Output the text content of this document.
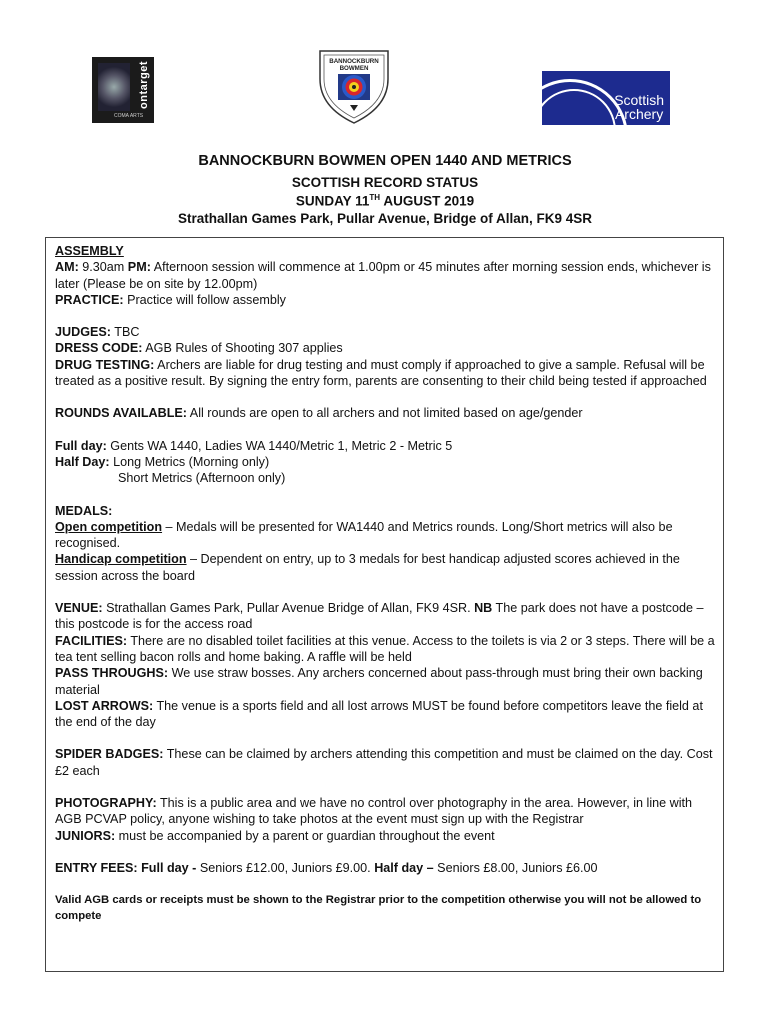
ontarget
COMA ARTS
BANNOCKBURN
BOWMEN
Scottish
Archery
BANNOCKBURN BOWMEN OPEN 1440 AND METRICS
SCOTTISH RECORD STATUS
SUNDAY 11TH AUGUST 2019
Strathallan Games Park, Pullar Avenue, Bridge of Allan, FK9 4SR

ASSEMBLY
AM: 9.30am PM: Afternoon session will commence at 1.00pm or 45 minutes after morning session ends, whichever is later (Please be on site by 12.00pm)
PRACTICE: Practice will follow assembly

JUDGES: TBC
DRESS CODE: AGB Rules of Shooting 307 applies
DRUG TESTING: Archers are liable for drug testing and must comply if approached to give a sample. Refusal will be treated as a positive result. By signing the entry form, parents are consenting to their child being tested if approached

ROUNDS AVAILABLE: All rounds are open to all archers and not limited based on age/gender

Full day: Gents WA 1440, Ladies WA 1440/Metric 1, Metric 2 - Metric 5
Half Day: Long Metrics (Morning only)
Short Metrics (Afternoon only)

MEDALS:
Open competition – Medals will be presented for WA1440 and Metrics rounds. Long/Short metrics will also be recognised.
Handicap competition – Dependent on entry, up to 3 medals for best handicap adjusted scores achieved in the session across the board

VENUE: Strathallan Games Park, Pullar Avenue Bridge of Allan, FK9 4SR. NB The park does not have a postcode – this postcode is for the access road
FACILITIES: There are no disabled toilet facilities at this venue. Access to the toilets is via 2 or 3 steps. There will be a tea tent selling bacon rolls and home baking. A raffle will be held
PASS THROUGHS: We use straw bosses. Any archers concerned about pass-through must bring their own backing material
LOST ARROWS: The venue is a sports field and all lost arrows MUST be found before competitors leave the field at the end of the day

SPIDER BADGES: These can be claimed by archers attending this competition and must be claimed on the day. Cost £2 each

PHOTOGRAPHY: This is a public area and we have no control over photography in the area. However, in line with AGB PCVAP policy, anyone wishing to take photos at the event must sign up with the Registrar
JUNIORS: must be accompanied by a parent or guardian throughout the event

ENTRY FEES: Full day - Seniors £12.00, Juniors £9.00. Half day – Seniors £8.00, Juniors £6.00

Valid AGB cards or receipts must be shown to the Registrar prior to the competition otherwise you will not be allowed to compete
